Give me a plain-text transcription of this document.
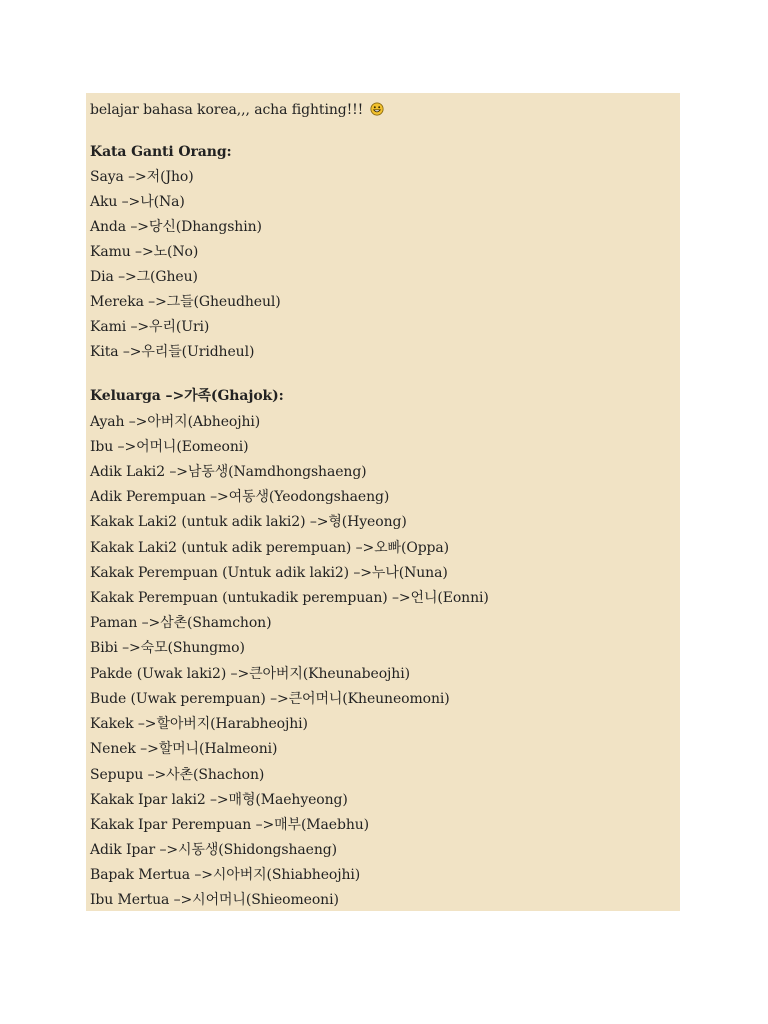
belajar bahasa korea,,, acha fighting!!!
Kata Ganti Orang:
Saya –>저(Jho)
Aku –>나(Na)
Anda –>당신(Dhangshin)
Kamu –>노(No)
Dia –>그(Gheu)
Mereka –>그들(Gheudheul)
Kami –>우리(Uri)
Kita –>우리들(Uridheul)
Keluarga –>가족(Ghajok):
Ayah –>아버지(Abheojhi)
Ibu –>어머니(Eomeoni)
Adik Laki2 –>남동생(Namdhongshaeng)
Adik Perempuan –>여동생(Yeodongshaeng)
Kakak Laki2 (untuk adik laki2) –>형(Hyeong)
Kakak Laki2 (untuk adik perempuan) –>오빠(Oppa)
Kakak Perempuan (Untuk adik laki2) –>누나(Nuna)
Kakak Perempuan (untukadik perempuan) –>언니(Eonni)
Paman –>삼촌(Shamchon)
Bibi –>숙모(Shungmo)
Pakde (Uwak laki2) –>큰아버지(Kheunabeojhi)
Bude (Uwak perempuan) –>큰어머니(Kheuneomoni)
Kakek –>할아버지(Harabheojhi)
Nenek –>할머니(Halmeoni)
Sepupu –>사촌(Shachon)
Kakak Ipar laki2 –>매형(Maehyeong)
Kakak Ipar Perempuan –>매부(Maebhu)
Adik Ipar –>시동생(Shidongshaeng)
Bapak Mertua –>시아버지(Shiabheojhi)
Ibu Mertua –>시어머니(Shieomeoni)
